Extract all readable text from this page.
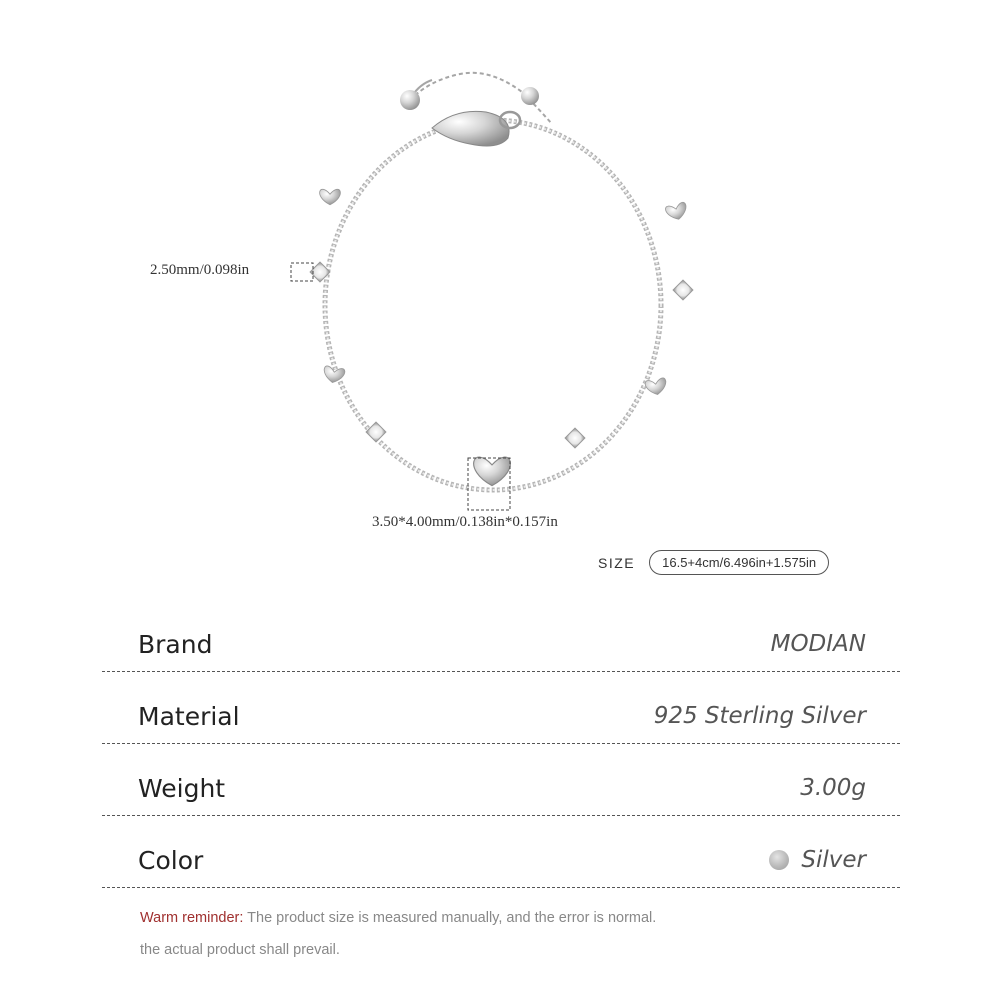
2.50mm/0.098in
3.50*4.00mm/0.138in*0.157in
SIZE	16.5+4cm/6.496in+1.575in
Brand	MODIAN
Material	925 Sterling Silver
Weight	3.00g
Color	Silver
Warm reminder: The product size is measured manually, and the error is normal.
the actual product shall prevail.
